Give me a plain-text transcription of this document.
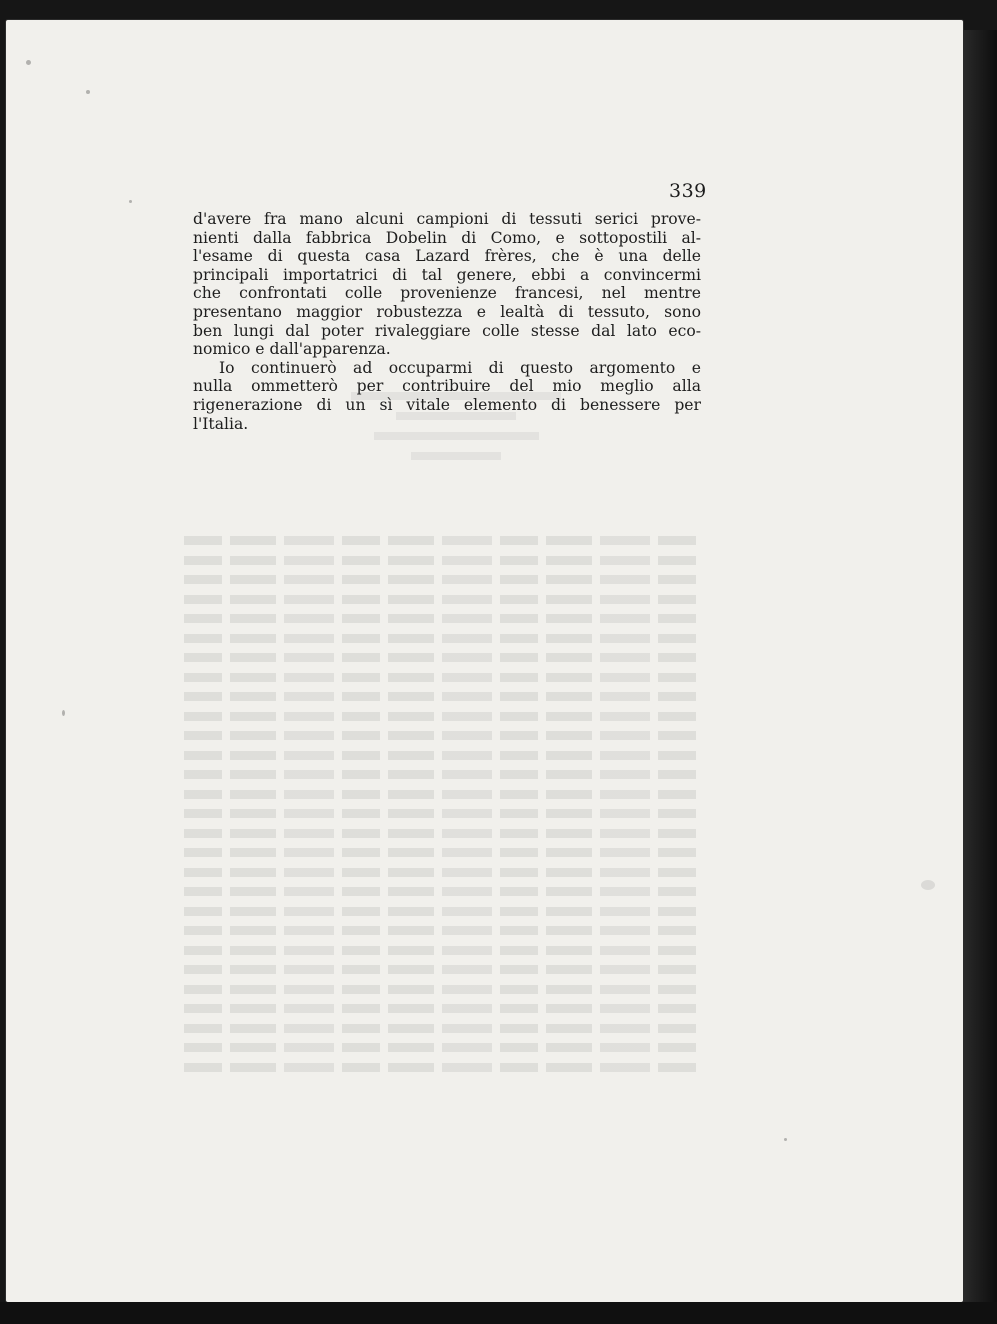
339
d'avere fra mano alcuni campioni di tessuti serici prove-
nienti dalla fabbrica Dobelin di Como, e sottopostili al-
l'esame di questa casa Lazard frères, che è una delle
principali importatrici di tal genere, ebbi a convincermi
che confrontati colle provenienze francesi, nel mentre
presentano maggior robustezza e lealtà di tessuto, sono
ben lungi dal poter rivaleggiare colle stesse dal lato eco-
nomico e dall'apparenza.
Io continuerò ad occuparmi di questo argomento e
nulla ommetterò per contribuire del mio meglio alla
rigenerazione di un sì vitale elemento di benessere per
l'Italia.
